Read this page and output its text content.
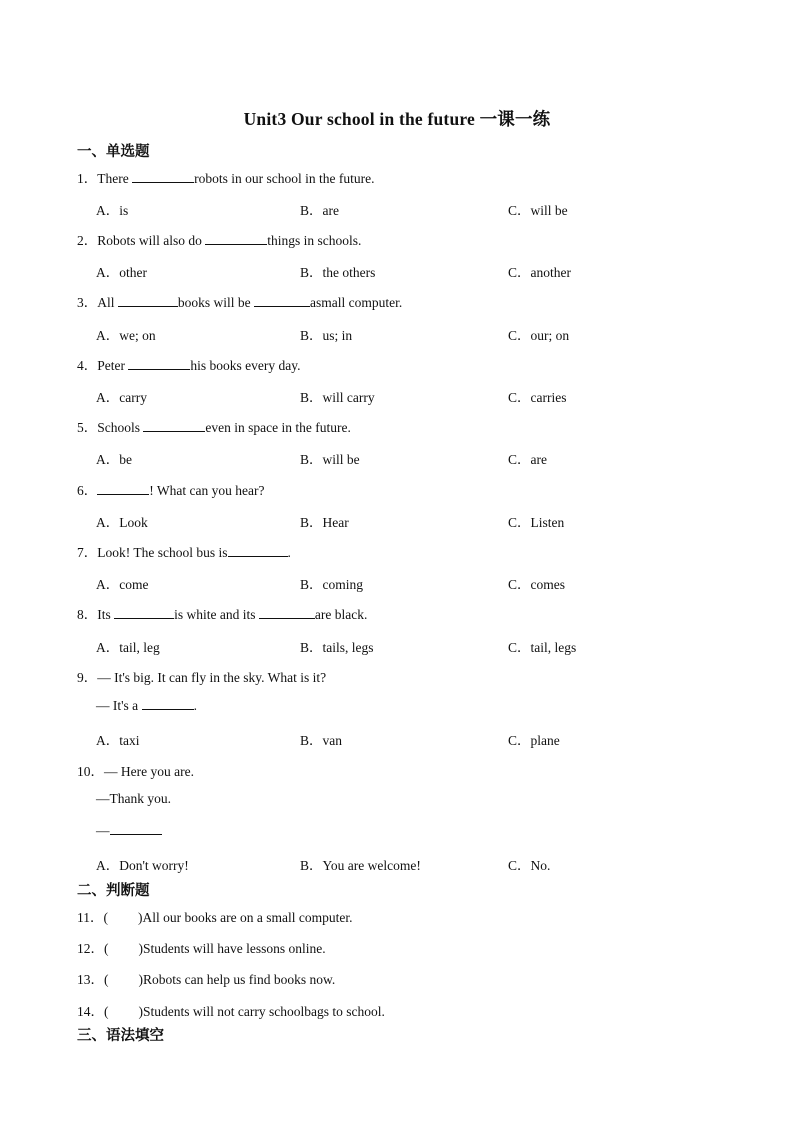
Unit3 Our school in the future 一课一练
一、单选题
1．There	robots in our school in the future.
A．is	B．are	C．will be
2．Robots will also do	things in schools.
A．other	B．the others	C．another
3．All	books will be	asmall computer.
A．we; on	B．us; in	C．our; on
4．Peter	his books every day.
A．carry	B．will carry	C．carries
5．Schools	even in space in the future.
A．be	B．will be	C．are
6．	! What can you hear?
A．Look	B．Hear	C．Listen
7．Look! The school bus is	.
A．come	B．coming	C．comes
8．Its	is white and its	are black.
A．tail, leg	B．tails, legs	C．tail, legs
9．— It's big. It can fly in the sky. What is it?
— It's a	.
A．taxi	B．van	C．plane
10．— Here you are.
—Thank you.
—
A．Don't worry!	B．You are welcome!	C．No.
二、判断题
11．( )All our books are on a small computer.
12．( )Students will have lessons online.
13．( )Robots can help us find books now.
14．( )Students will not carry schoolbags to school.
三、语法填空
